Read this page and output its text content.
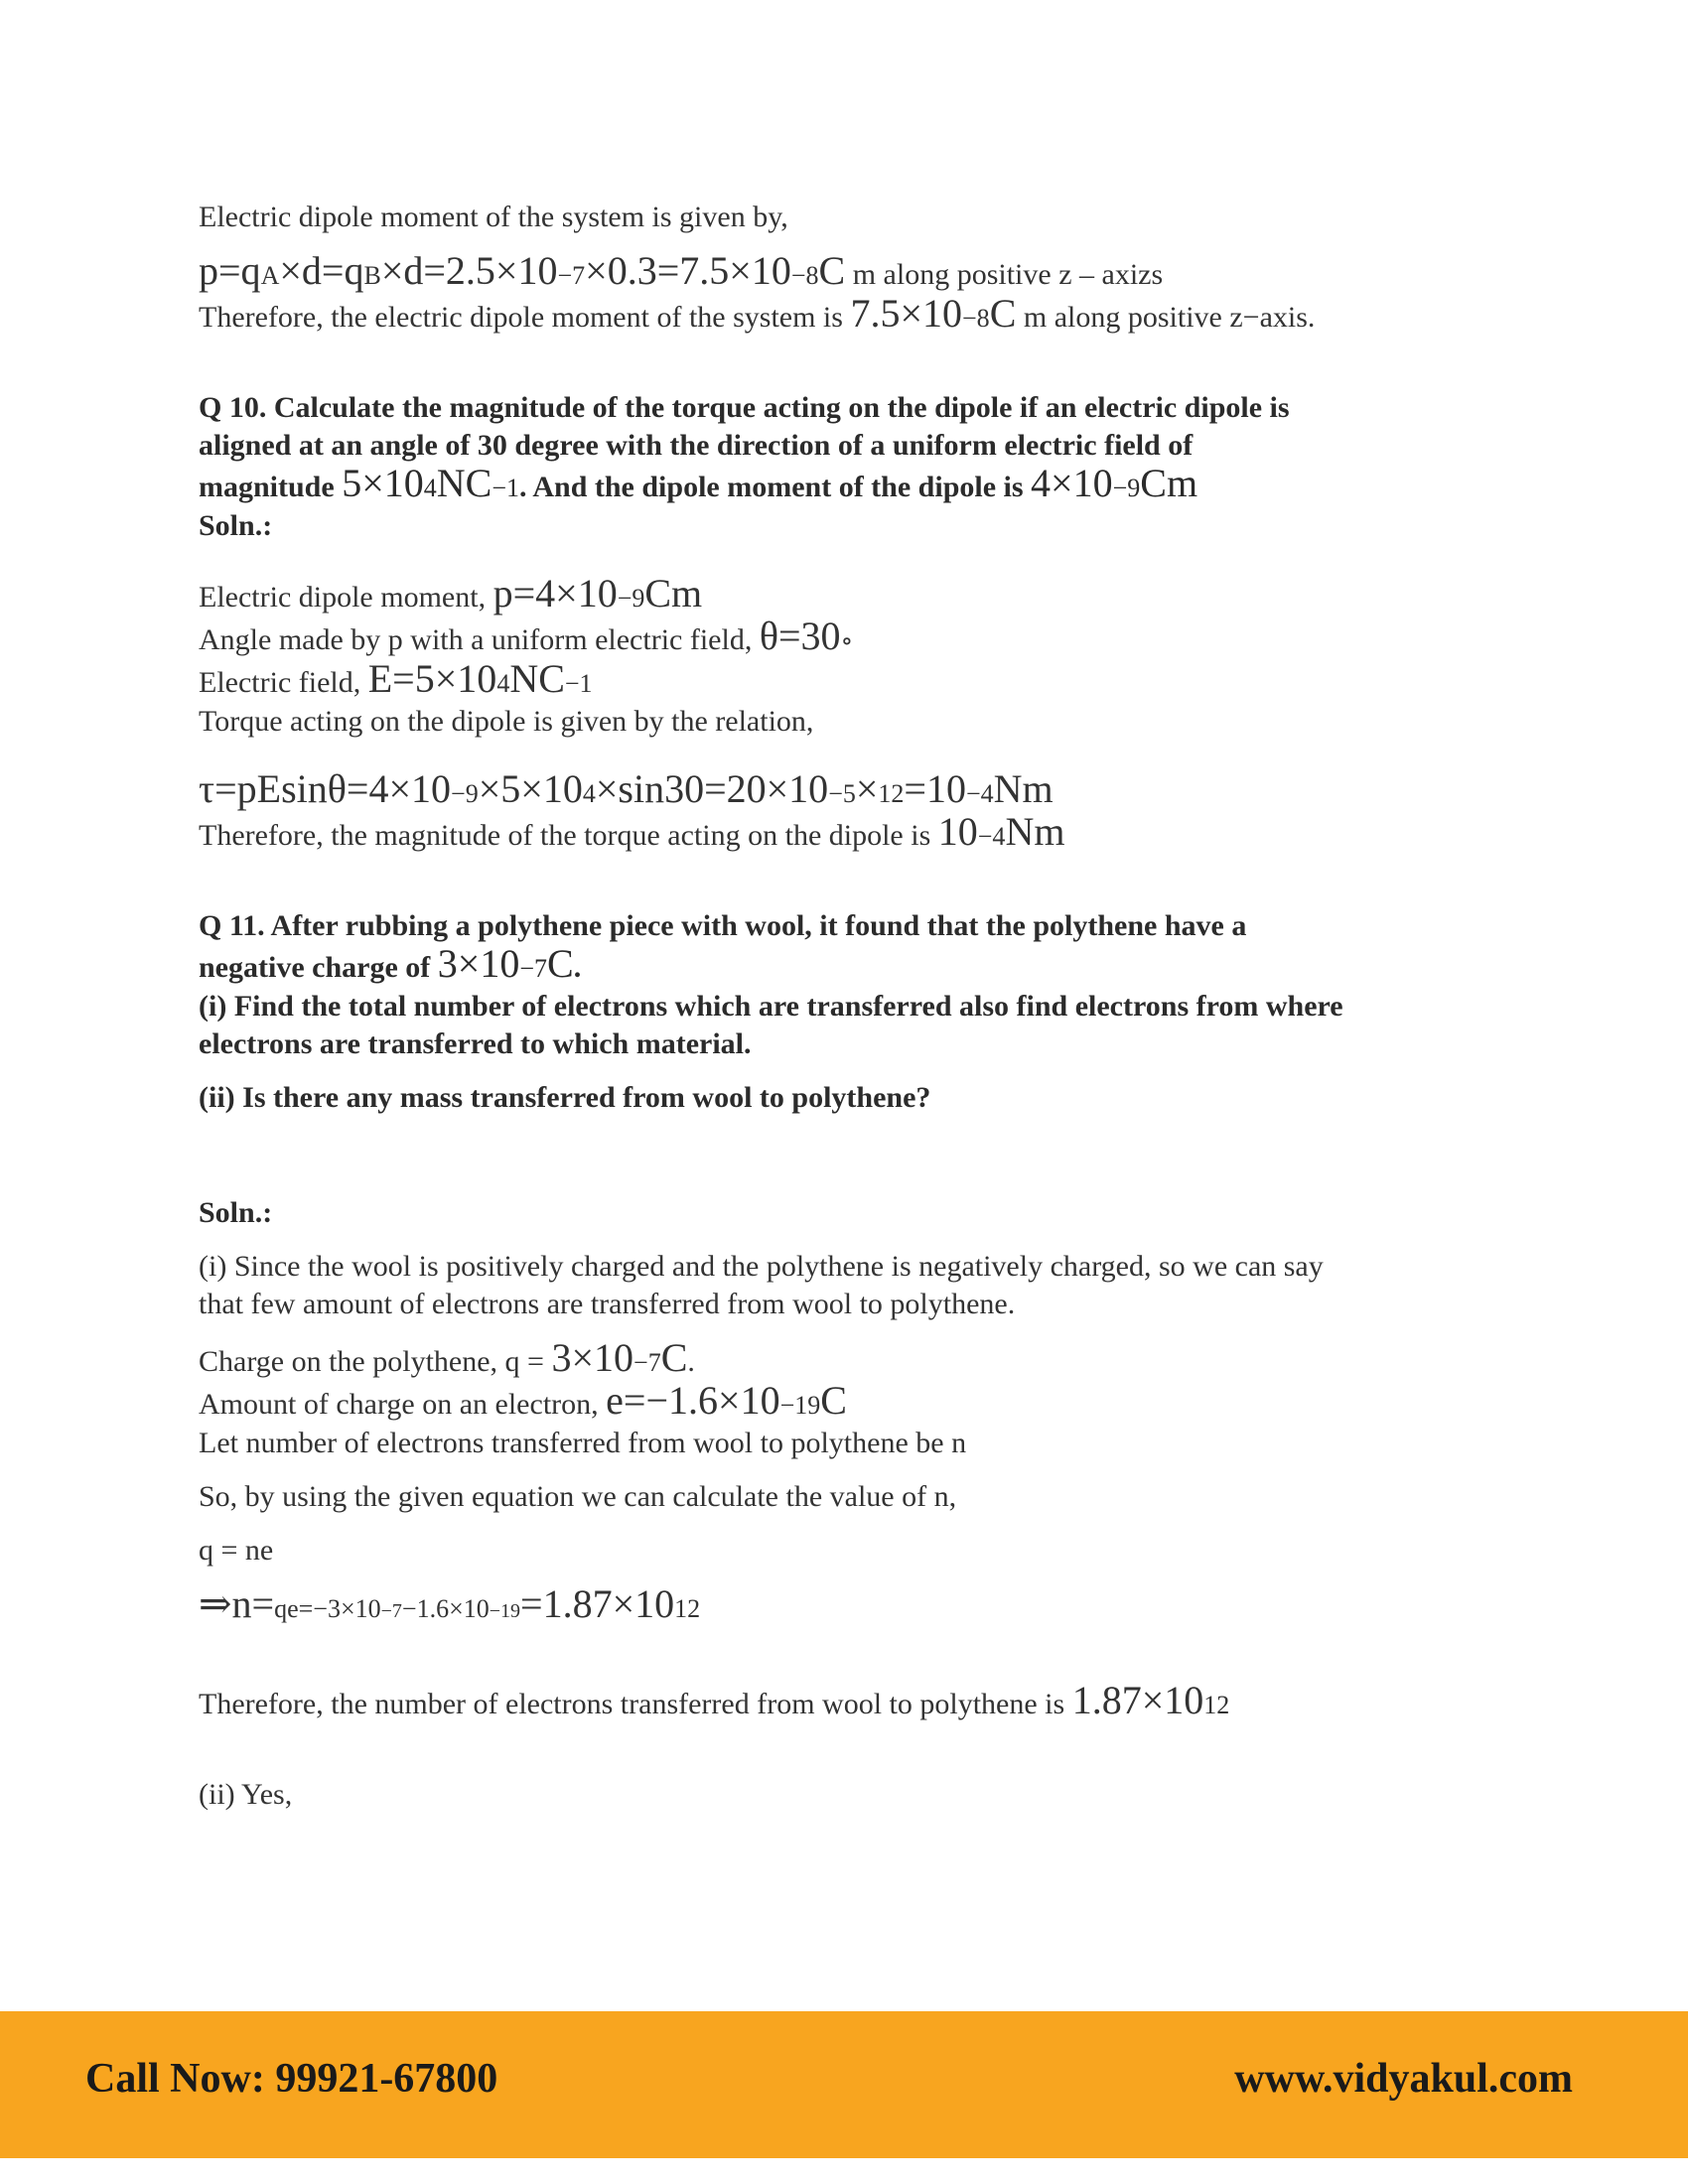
Electric dipole moment of the system is given by,
p=qA×d=qB×d=2.5×10−7×0.3=7.5×10−8C m along positive z – axizs
Therefore, the electric dipole moment of the system is 7.5×10−8C m along positive z−axis.
Q 10. Calculate the magnitude of the torque acting on the dipole if an electric dipole is
aligned at an angle of 30 degree with the direction of a uniform electric field of
magnitude 5×104NC−1. And the dipole moment of the dipole is 4×10−9Cm
Soln.:
Electric dipole moment, p=4×10−9Cm
Angle made by p with a uniform electric field, θ=30∘
Electric field, E=5×104NC−1
Torque acting on the dipole is given by the relation,
τ=pEsinθ=4×10−9×5×104×sin30=20×10−5×12=10−4Nm
Therefore, the magnitude of the torque acting on the dipole is 10−4Nm
Q 11. After rubbing a polythene piece with wool, it found that the polythene have a
negative charge of 3×10−7C.
(i) Find the total number of electrons which are transferred also find electrons from where
electrons are transferred to which material.
(ii) Is there any mass transferred from wool to polythene?
Soln.:
(i) Since the wool is positively charged and the polythene is negatively charged, so we can say
that few amount of electrons are transferred from wool to polythene.
Charge on the polythene, q = 3×10−7C.
Amount of charge on an electron, e=−1.6×10−19C
Let number of electrons transferred from wool to polythene be n
So, by using the given equation we can calculate the value of n,
q = ne
⇒n=qe=−3×10−7−1.6×10−19=1.87×1012
Therefore, the number of electrons transferred from wool to polythene is 1.87×1012
(ii) Yes,
Call Now: 99921-67800	www.vidyakul.com
